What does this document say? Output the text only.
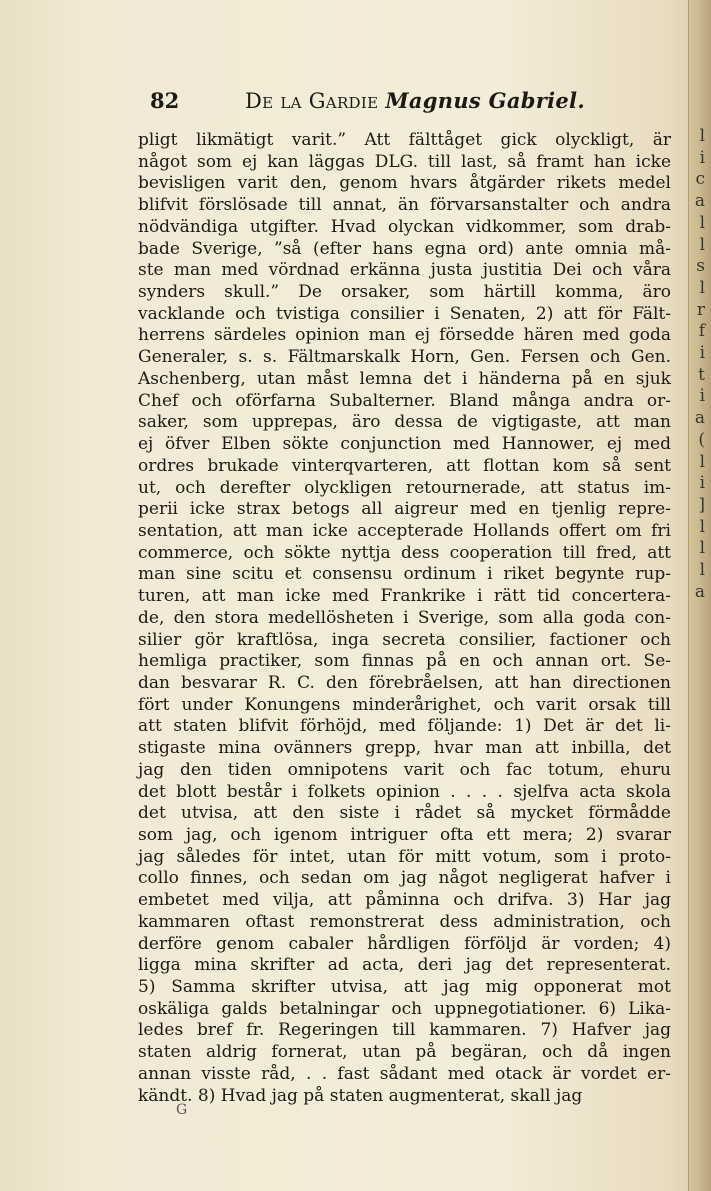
l
i
c
a
l
l
s
l
r
f
i
t
i
a
(
l
i
]
l
l
l
a
82	De la Gardie Magnus Gabriel.
pligt likmätigt varit.” Att fälttåget gick olyckligt, är
något som ej kan läggas DLG. till last, så framt han icke
bevisligen varit den, genom hvars åtgärder rikets medel
blifvit förslösade till annat, än förvarsanstalter och andra
nödvändiga utgifter. Hvad olyckan vidkommer, som drab-
bade Sverige, ”så (efter hans egna ord) ante omnia må-
ste man med vördnad erkänna justa justitia Dei och våra
synders skull.” De orsaker, som härtill komma, äro
vacklande och tvistiga consilier i Senaten, 2) att för Fält-
herrens särdeles opinion man ej försedde hären med goda
Generaler, s. s. Fältmarskalk Horn, Gen. Fersen och Gen.
Aschenberg, utan måst lemna det i händerna på en sjuk
Chef och oförfarna Subalterner. Bland många andra or-
saker, som upprepas, äro dessa de vigtigaste, att man
ej öfver Elben sökte conjunction med Hannower, ej med
ordres brukade vinterqvarteren, att flottan kom så sent
ut, och derefter olyckligen retournerade, att status im-
perii icke strax betogs all aigreur med en tjenlig repre-
sentation, att man icke accepterade Hollands offert om fri
commerce, och sökte nyttja dess cooperation till fred, att
man sine scitu et consensu ordinum i riket begynte rup-
turen, att man icke med Frankrike i rätt tid concertera-
de, den stora medellösheten i Sverige, som alla goda con-
silier gör kraftlösa, inga secreta consilier, factioner och
hemliga practiker, som finnas på en och annan ort. Se-
dan besvarar R. C. den förebråelsen, att han directionen
fört under Konungens minderårighet, och varit orsak till
att staten blifvit förhöjd, med följande: 1) Det är det li-
stigaste mina ovänners grepp, hvar man att inbilla, det
jag den tiden omnipotens varit och fac totum, ehuru
det blott består i folkets opinion . . . . sjelfva acta skola
det utvisa, att den siste i rådet så mycket förmådde
som jag, och igenom intriguer ofta ett mera; 2) svarar
jag således för intet, utan för mitt votum, som i proto-
collo finnes, och sedan om jag något negligerat hafver i
embetet med vilja, att påminna och drifva. 3) Har jag
kammaren oftast remonstrerat dess administration, och
derföre genom cabaler hårdligen förföljd är vorden; 4)
ligga mina skrifter ad acta, deri jag det representerat.
5) Samma skrifter utvisa, att jag mig opponerat mot
oskäliga galds betalningar och uppnegotiationer. 6) Lika-
ledes bref fr. Regeringen till kammaren. 7) Hafver jag
staten aldrig fornerat, utan på begäran, och då ingen
annan visste råd, . . fast sådant med otack är vordet er-
kändt. 8) Hvad jag på staten augmenterat, skall jag
G
